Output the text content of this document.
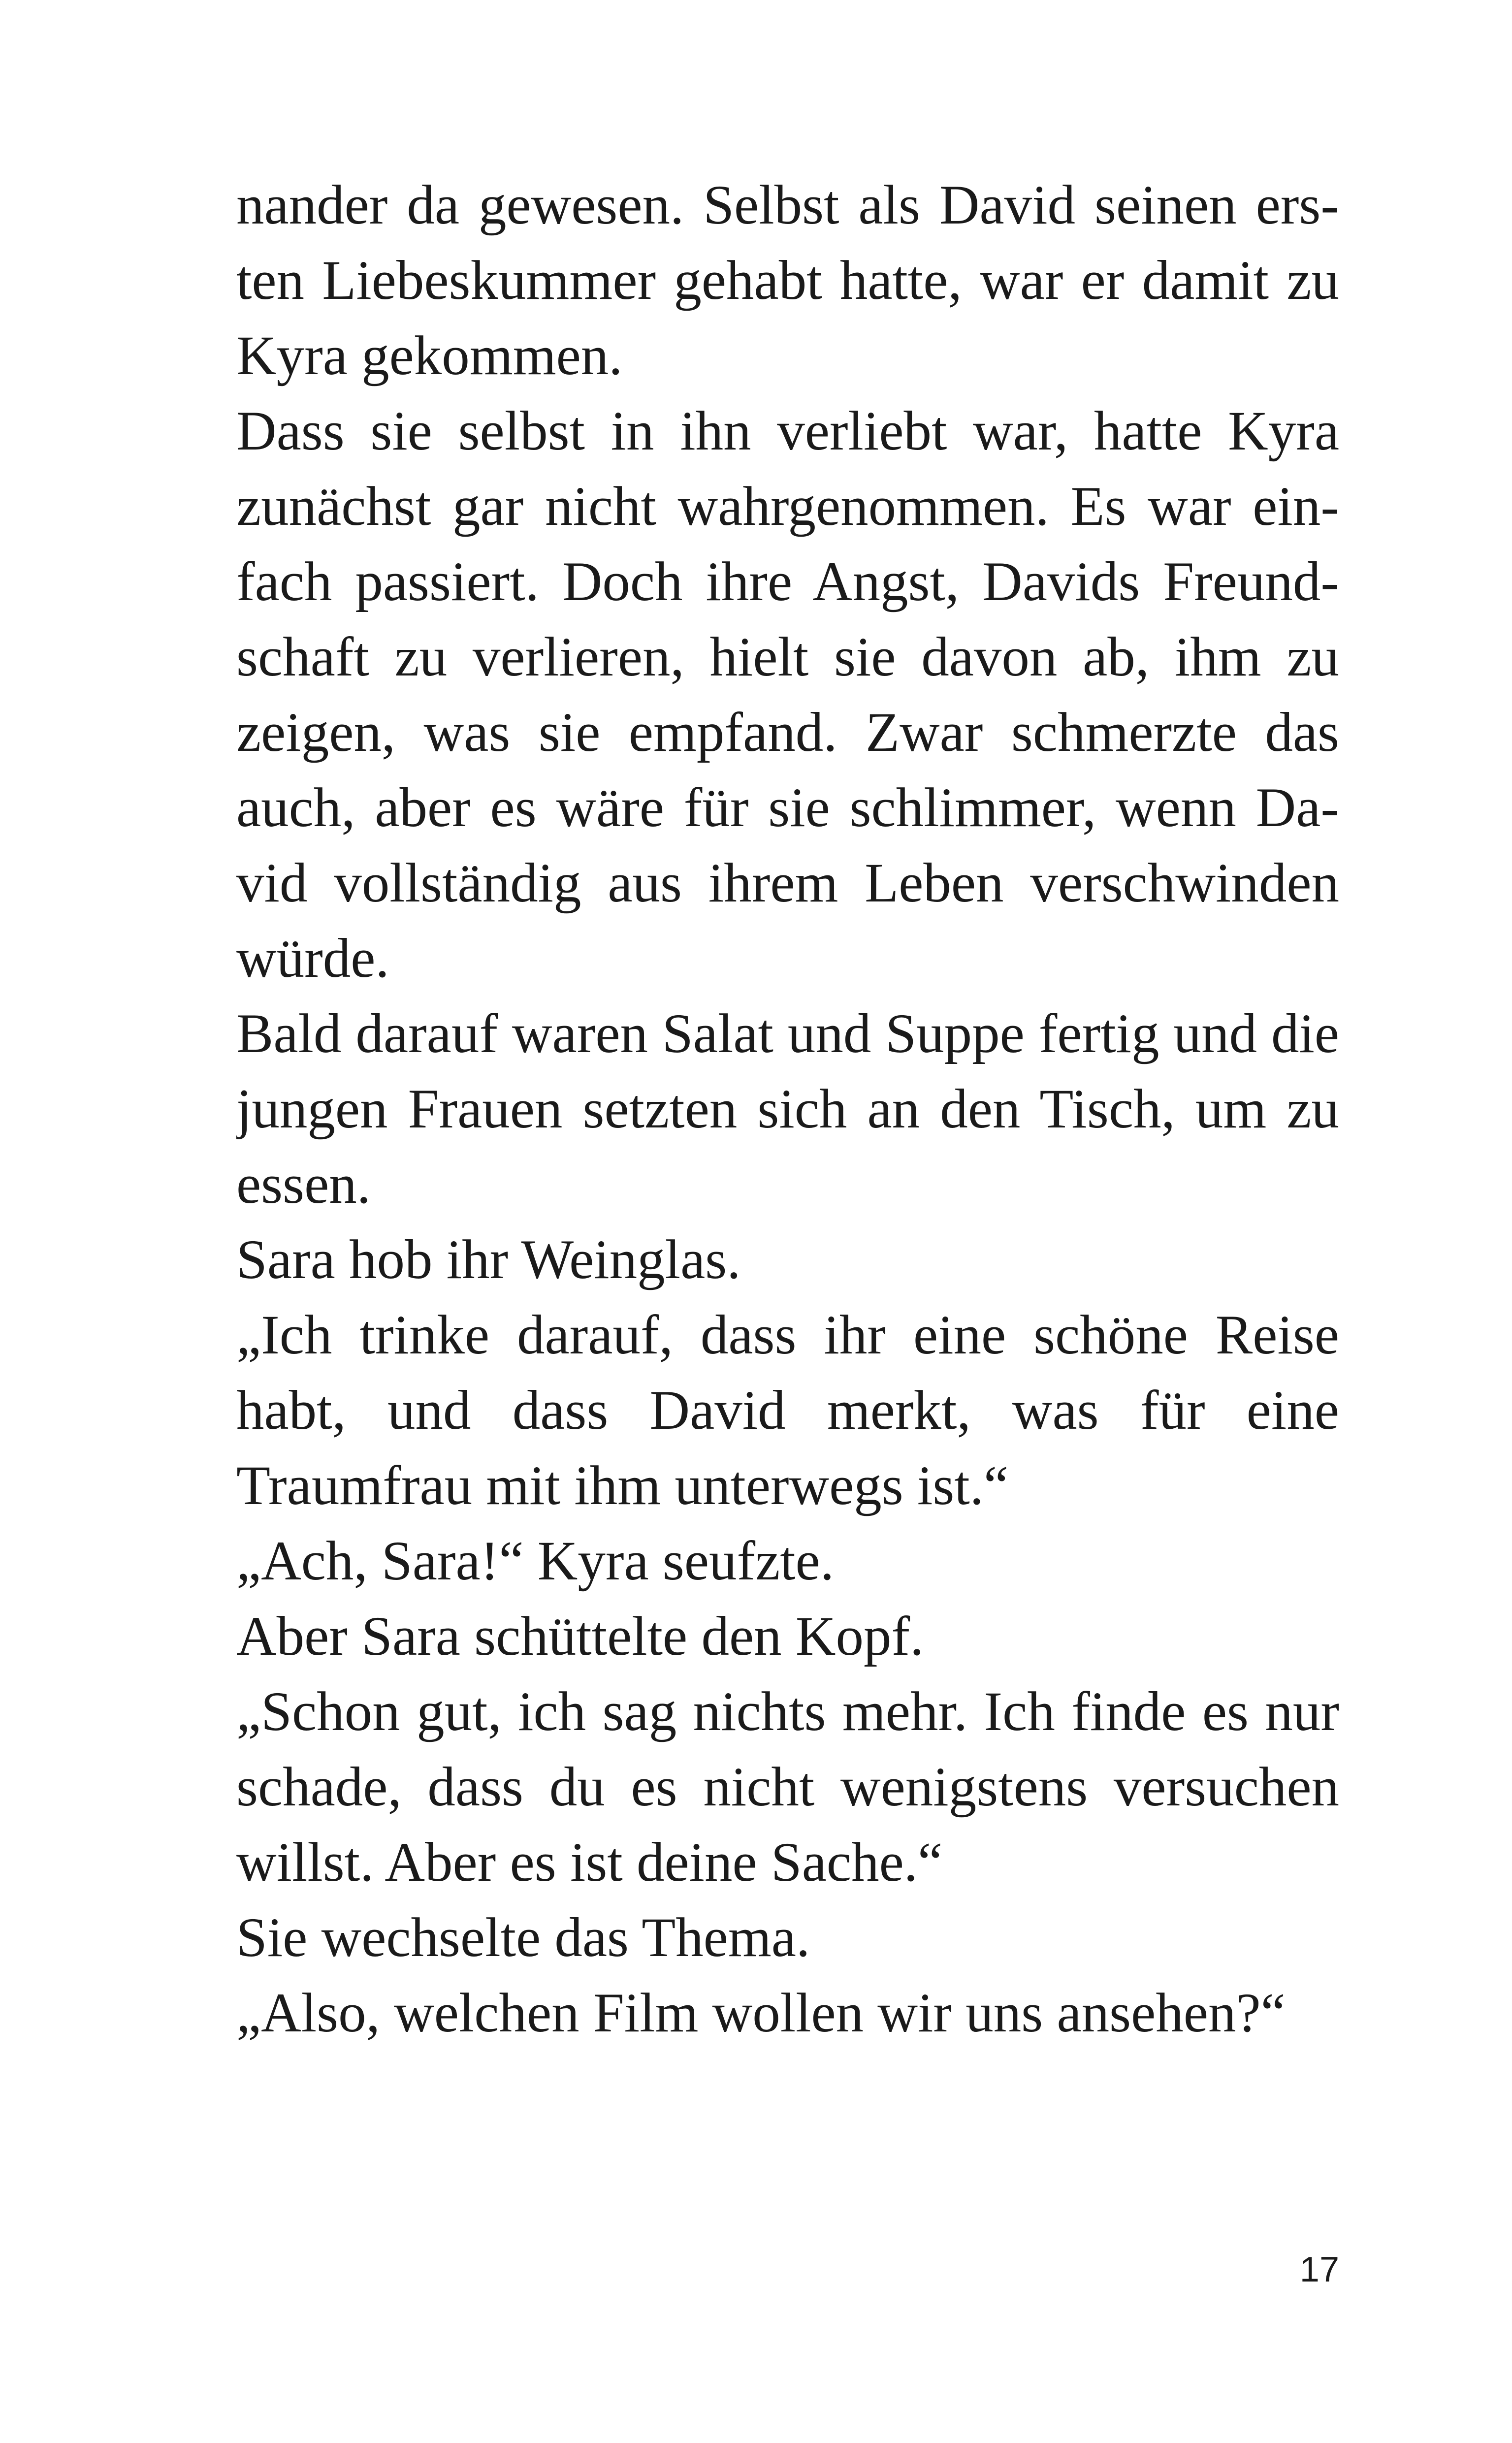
nander da gewesen. Selbst als David seinen ers-
ten Liebeskummer gehabt hatte, war er damit zu
Kyra gekommen.
Dass sie selbst in ihn verliebt war, hatte Kyra
zunächst gar nicht wahrgenommen. Es war ein-
fach passiert. Doch ihre Angst, Davids Freund-
schaft zu verlieren, hielt sie davon ab, ihm zu
zeigen, was sie empfand. Zwar schmerzte das
auch, aber es wäre für sie schlimmer, wenn Da-
vid vollständig aus ihrem Leben verschwinden
würde.
Bald darauf waren Salat und Suppe fertig und die
jungen Frauen setzten sich an den Tisch, um zu
essen.
Sara hob ihr Weinglas.
„Ich trinke darauf, dass ihr eine schöne Reise
habt, und dass David merkt, was für eine
Traumfrau mit ihm unterwegs ist.“
„Ach, Sara!“ Kyra seufzte.
Aber Sara schüttelte den Kopf.
„Schon gut, ich sag nichts mehr. Ich finde es nur
schade, dass du es nicht wenigstens versuchen
willst. Aber es ist deine Sache.“
Sie wechselte das Thema.
„Also, welchen Film wollen wir uns ansehen?“
17
